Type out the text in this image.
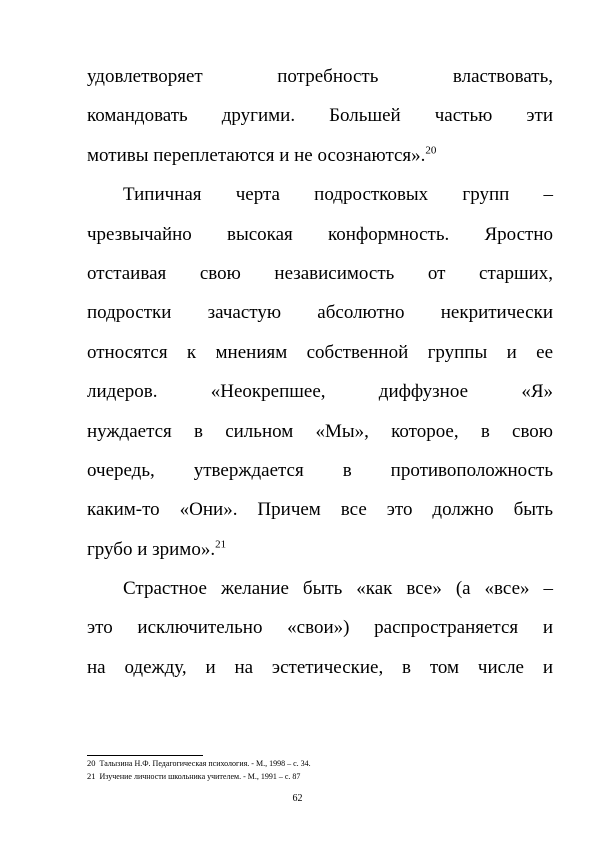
удовлетворяет потребность властвовать,
командовать другими. Большей частью эти
мотивы переплетаются и не осознаются».$^{20}$
Типичная черта подростковых групп –
чрезвычайно высокая конформность. Яростно
отстаивая свою независимость от старших,
подростки зачастую абсолютно некритически
относятся к мнениям собственной группы и ее
лидеров. «Неокрепшее, диффузное «Я»
нуждается в сильном «Мы», которое, в свою
очередь, утверждается в противоположность
каким-то «Они». Причем все это должно быть
грубо и зримо».$^{21}$
Страстное желание быть «как все» (а «все» –
это исключительно «свои») распространяется и
на одежду, и на эстетические, в том числе и
20 Талызина Н.Ф. Педагогическая психология. - М., 1998 – с. 34.
21 Изучение личности школьника учителем. - М., 1991 – с. 87
62
